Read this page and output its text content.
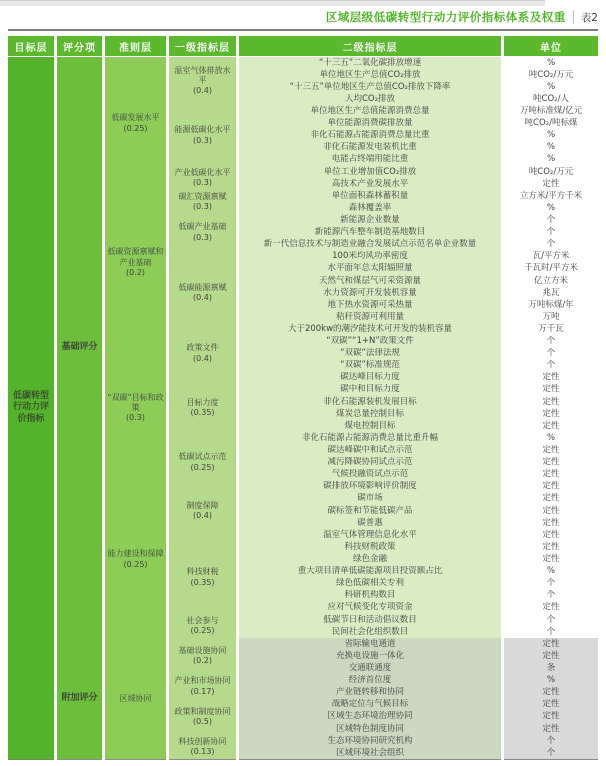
区域层级低碳转型行动力评价指标体系及权重 表2
目标层	评分项	准则层	一级指标层	二级指标层	单位
低碳转型行动力评价指标
基础评分
低碳发展水平
(0.25)
温室气体排放水平
(0.4)
“十三五”二氧化碳排放增速	%
单位地区生产总值CO₂排放	吨CO₂/万元
“十三五”单位地区生产总值CO₂排放下降率	%
人均CO₂排放	吨CO₂/人
能源低碳化水平
(0.3)
单位地区生产总值能源消费总量	万吨标准煤/亿元
单位能源消费碳排放量	吨CO₂/吨标煤
非化石能源占能源消费总量比重	%
非化石能源发电装机比重	%
电能占终端用能比重	%
产业低碳化水平
(0.3)
单位工业增加值CO₂排放	吨CO₂/万元
高技术产业发展水平	定性
低碳资源禀赋和产业基础
(0.2)
碳汇资源禀赋
(0.3)
单位面积森林蓄积量	立方米/平方千米
森林覆盖率	%
低碳产业基础
(0.3)
新能源企业数量	个
新能源汽车整车制造基地数目	个
新一代信息技术与制造业融合发展试点示范名单企业数量	个
低碳能源禀赋
(0.4)
100米均风功率密度	瓦/平方米
水平面年总太阳辐照量	千瓦时/平方米
天然气和煤层气可采资源量	亿立方米
水力资源可开发装机容量	兆瓦
地下热水资源可采热量	万吨标煤/年
秸秆资源可利用量	万吨
大于200kw的潮汐能技术可开发的装机容量	万千瓦
“双碳”目标和政策
(0.3)
政策文件
(0.4)
“双碳”“1+N”政策文件	个
“双碳”法律法规	个
“双碳”标准规范	个
目标力度
(0.35)
碳达峰目标力度	定性
碳中和目标力度	定性
非化石能源装机发展目标	定性
煤炭总量控制目标	定性
煤电控制目标	定性
非化石能源占能源消费总量比重升幅	%
低碳试点示范
(0.25)
碳达峰碳中和试点示范	定性
减污降碳协同试点示范	定性
气候投融资试点示范	定性
能力建设和保障
(0.25)
制度保障
(0.4)
碳排放环境影响评价制度	定性
碳市场	定性
碳标签和节能低碳产品	定性
碳普惠	定性
温室气体管理信息化水平	定性
科技财税
(0.35)
科技财税政策	定性
绿色金融	定性
重大项目清单低碳能源项目投资额占比	%
绿色低碳相关专利	个
科研机构数目	个
应对气候变化专项资金	定性
社会参与
(0.25)
低碳节日和活动倡议数目	个
民间社会化组织数目	个
附加评分	区域协同
基础设施协同
(0.2)
省际输电通道	定性
充换电设施一体化	定性
交通联通度	条
产业和市场协同
(0.17)
经济首位度	%
产业链转移和协同	定性
政策和制度协同
(0.5)
战略定位与气候目标	定性
区域生态环境治理协同	定性
区域特色制度协同	定性
科技创新协同
(0.13)
生态环境协同研究机构	个
区域环境社会组织	个
